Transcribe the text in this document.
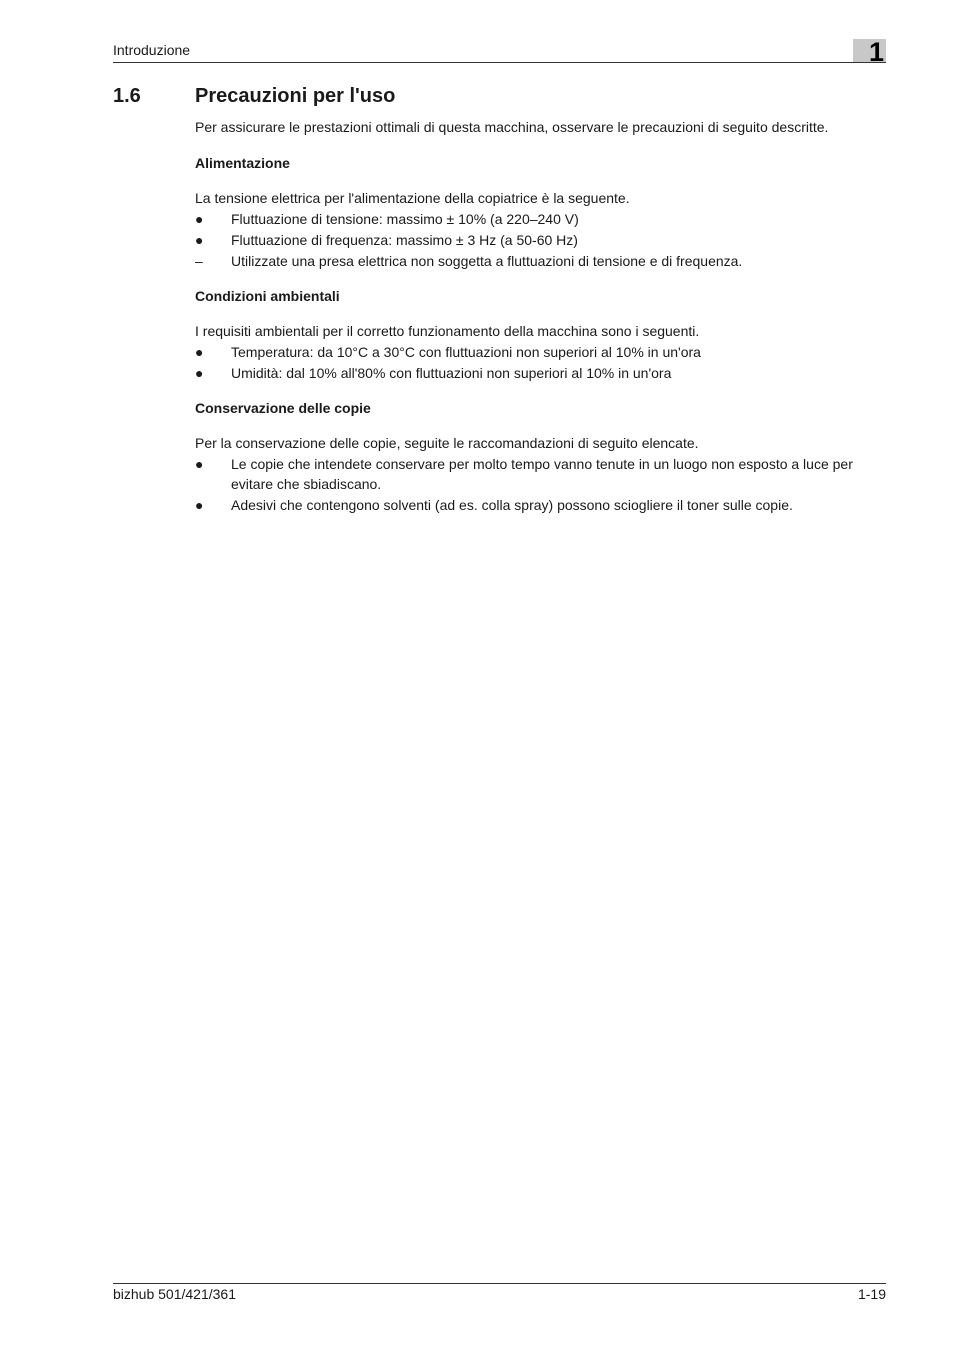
Introduzione	1
1.6	Precauzioni per l'uso

Per assicurare le prestazioni ottimali di questa macchina, osservare le precauzioni di seguito descritte.

Alimentazione

La tensione elettrica per l'alimentazione della copiatrice è la seguente.

●	Fluttuazione di tensione: massimo ± 10% (a 220–240 V)
●	Fluttuazione di frequenza: massimo ± 3 Hz (a 50-60 Hz)
–	Utilizzate una presa elettrica non soggetta a fluttuazioni di tensione e di frequenza.
Condizioni ambientali

I requisiti ambientali per il corretto funzionamento della macchina sono i seguenti.

●	Temperatura: da 10°C a 30°C con fluttuazioni non superiori al 10% in un'ora
●	Umidità: dal 10% all'80% con fluttuazioni non superiori al 10% in un'ora
Conservazione delle copie

Per la conservazione delle copie, seguite le raccomandazioni di seguito elencate.

●	Le copie che intendete conservare per molto tempo vanno tenute in un luogo non esposto a luce per evitare che sbiadiscano.
●	Adesivi che contengono solventi (ad es. colla spray) possono sciogliere il toner sulle copie.
bizhub 501/421/361	1-19
